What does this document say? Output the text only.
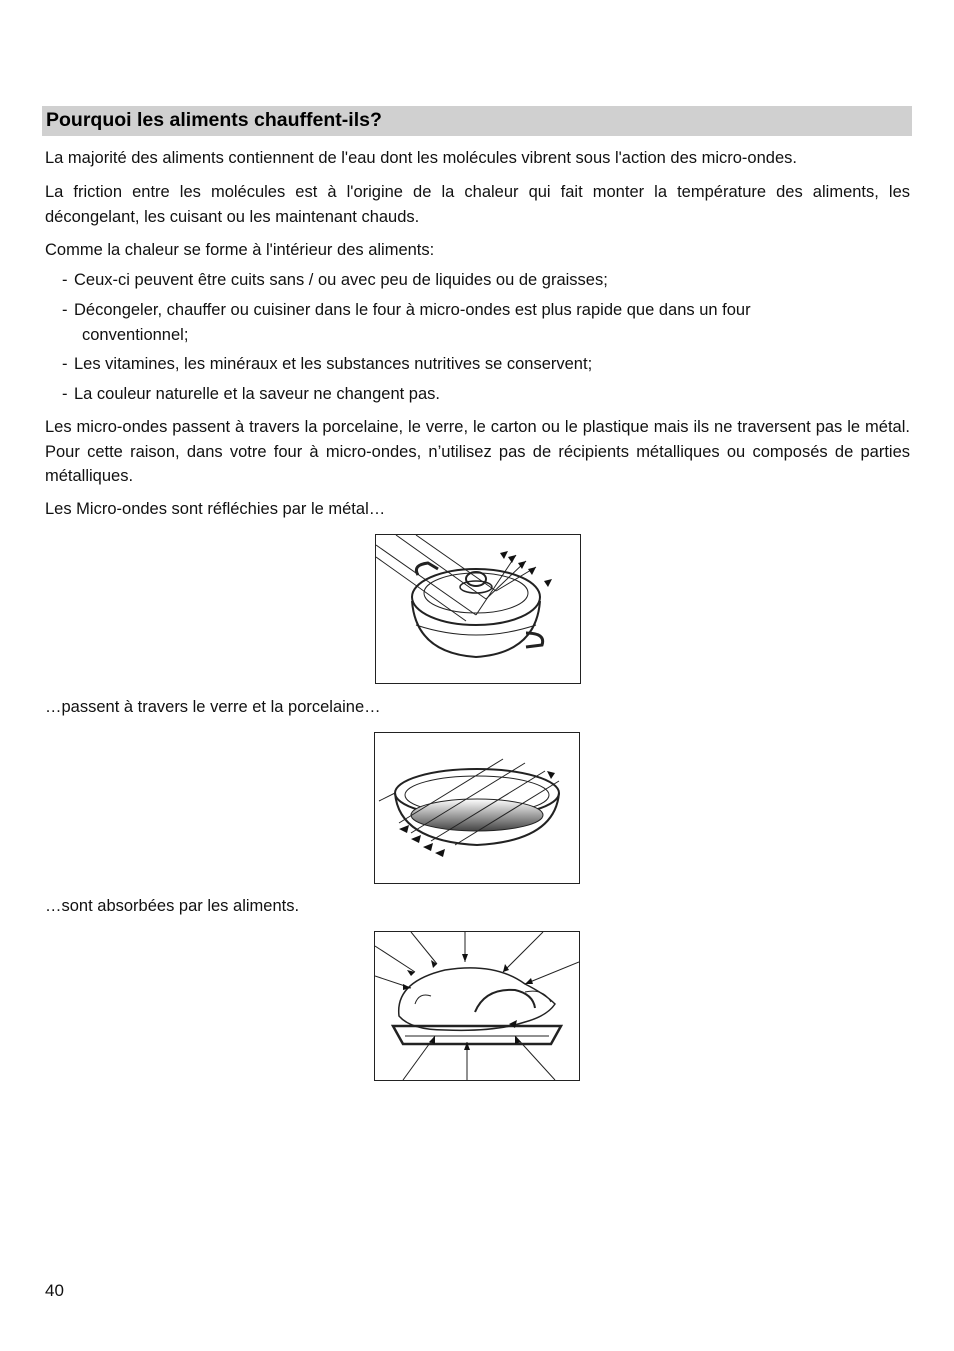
Pourquoi les aliments chauffent-ils?
La majorité des aliments contiennent de l'eau dont les molécules vibrent sous l'action des micro-ondes.
La friction entre les molécules est à l'origine de la chaleur qui fait monter la température des aliments, les décongelant, les cuisant ou les maintenant chauds.
Comme la chaleur se forme à l'intérieur des aliments:
- Ceux-ci peuvent être cuits sans / ou avec peu de liquides ou de graisses;
- Décongeler, chauffer ou cuisiner dans le four à micro-ondes est plus rapide que dans un four
conventionnel;
- Les vitamines, les minéraux et les substances nutritives se conservent;
- La couleur naturelle et la saveur ne changent pas.
Les micro-ondes passent à travers la porcelaine, le verre, le carton ou le plastique mais ils ne traversent pas le métal. Pour cette raison, dans votre four à micro-ondes, n’utilisez pas de récipients métalliques ou composés de parties métalliques.
Les Micro-ondes sont réfléchies par le métal…
…passent à travers le verre et la porcelaine…
…sont absorbées par les aliments.
40
